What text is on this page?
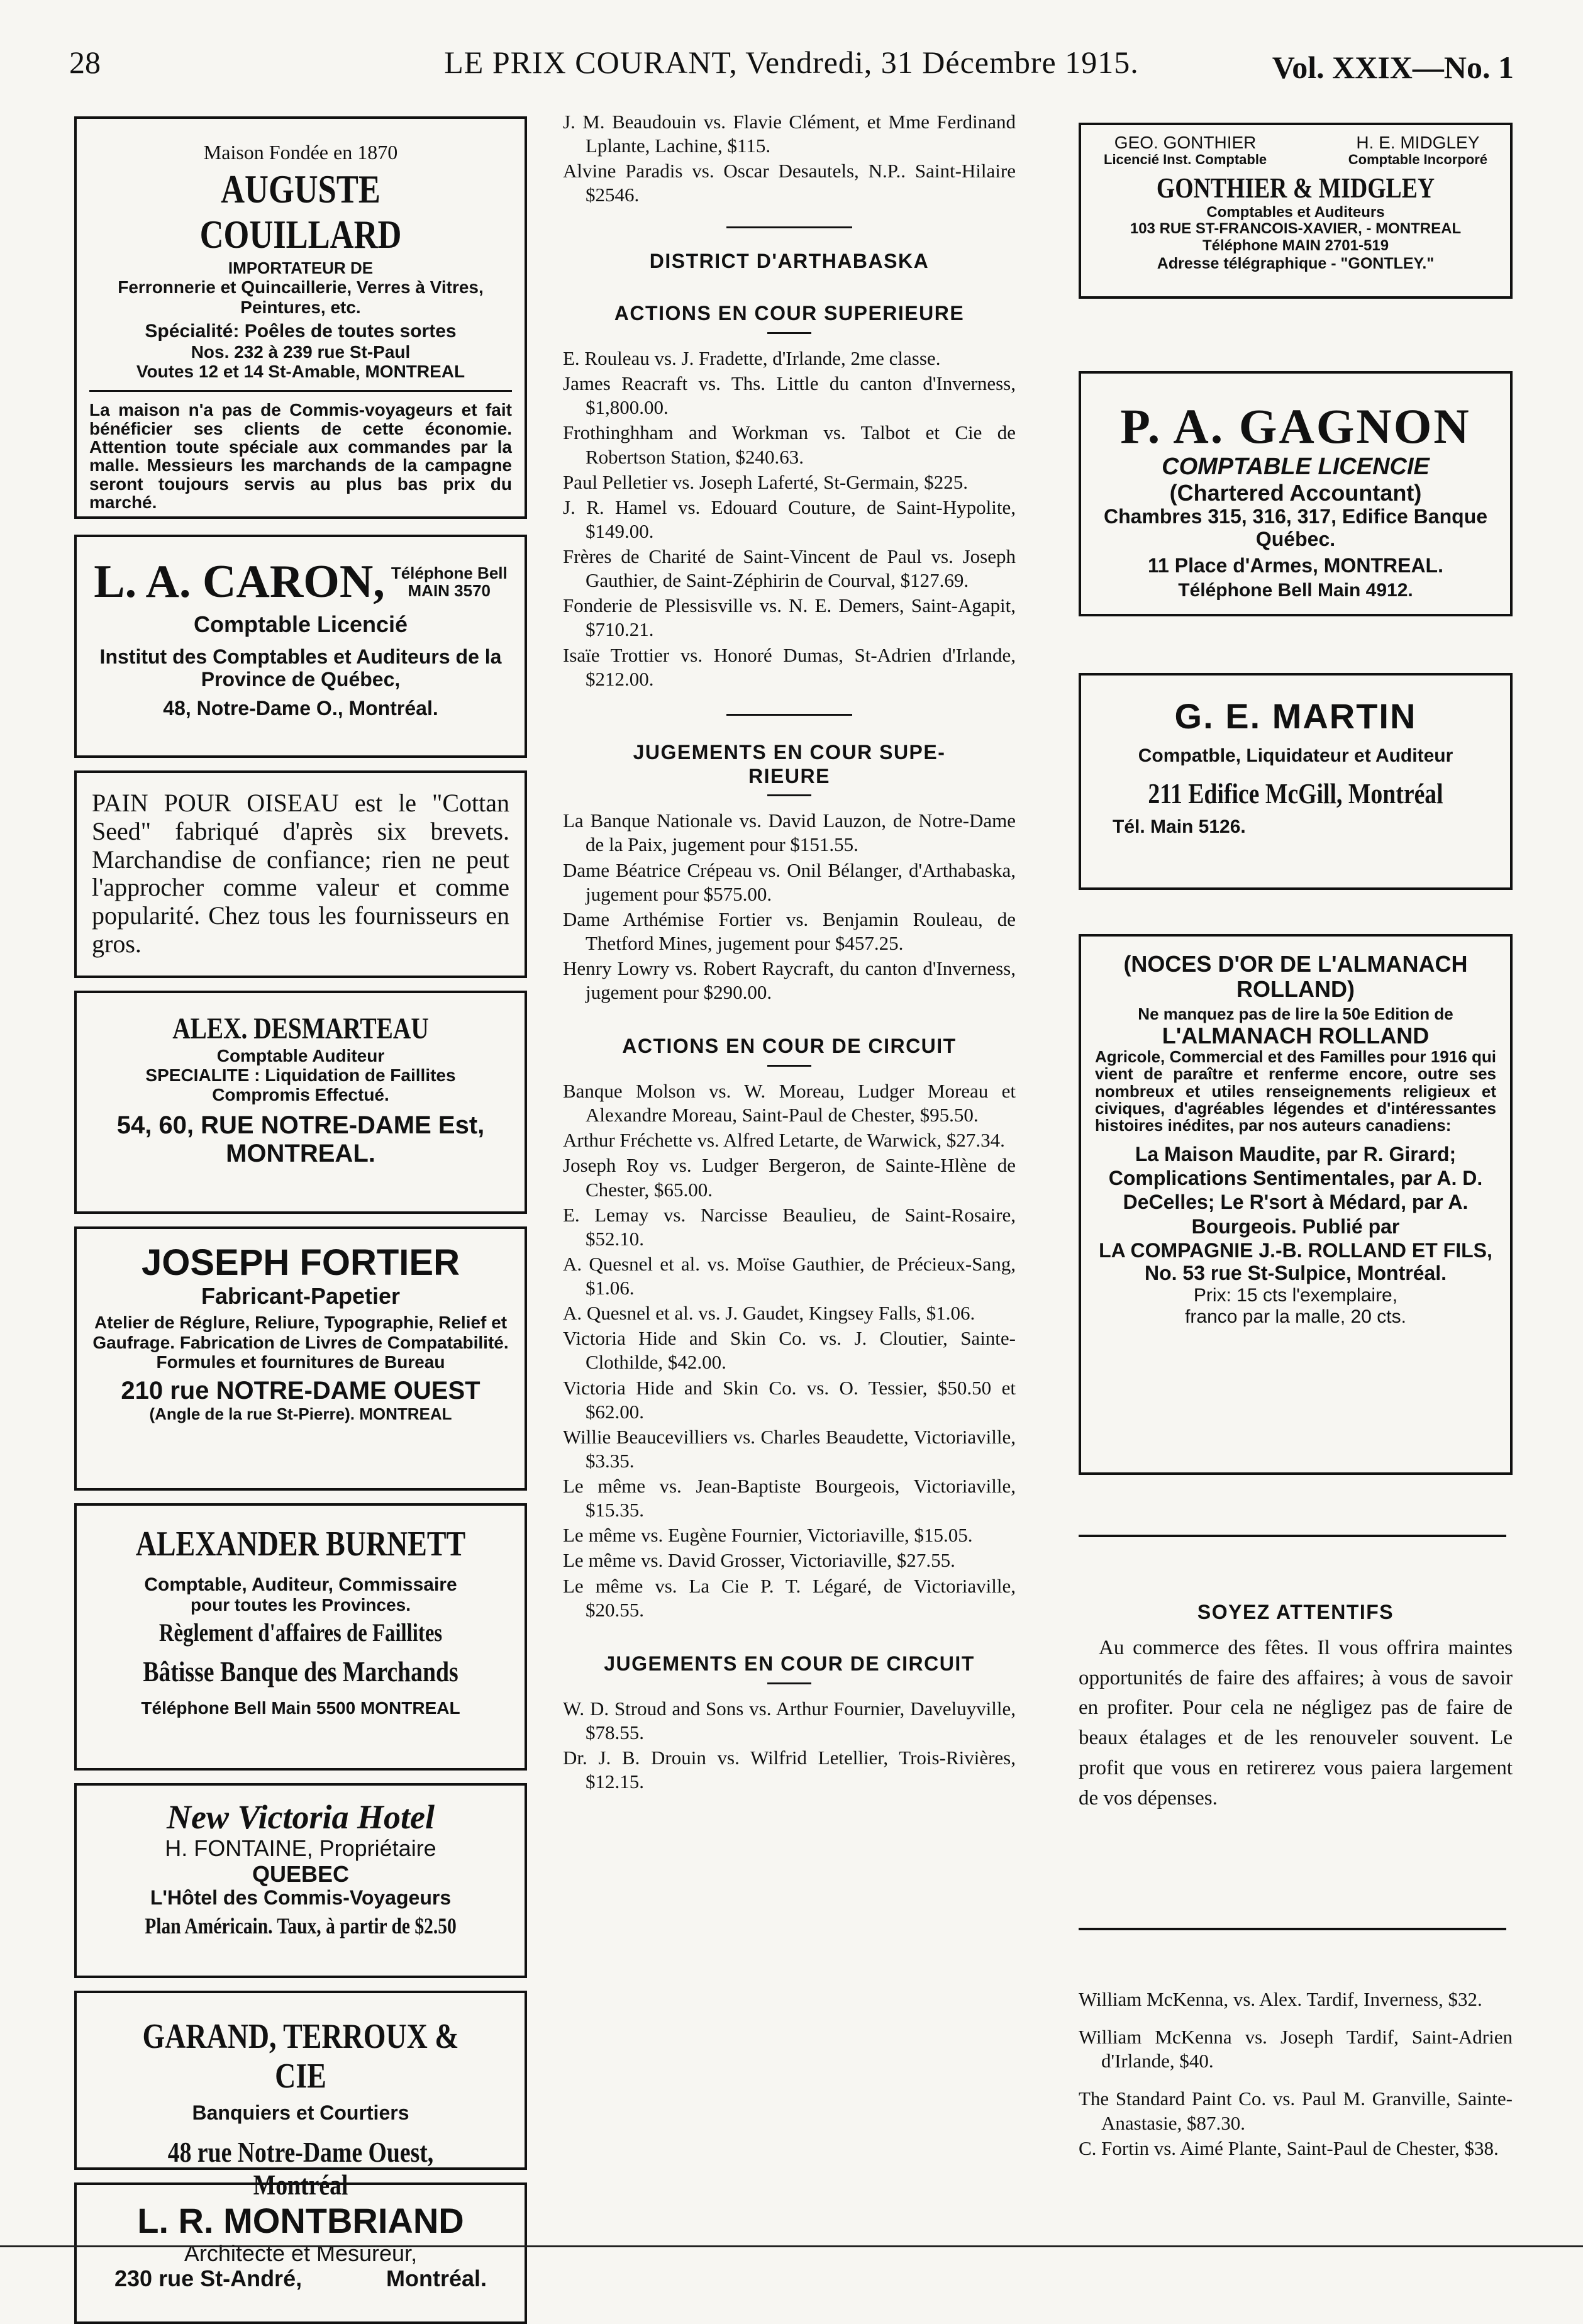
28	LE PRIX COURANT, Vendredi, 31 Décembre 1915.	Vol. XXIX—No. 1
Maison Fondée en 1870
AUGUSTE COUILLARD
IMPORTATEUR DE
Ferronnerie et Quincaillerie, Verres à Vitres, Peintures, etc.
Spécialité: Poêles de toutes sortes
Nos. 232 à 239 rue St-Paul
Voutes 12 et 14 St-Amable, MONTREAL
La maison n'a pas de Commis-voyageurs et fait bénéficier ses clients de cette économie. Attention toute spéciale aux commandes par la malle. Messieurs les marchands de la campagne seront toujours servis au plus bas prix du marché.
L. A. CARON, Téléphone Bell
MAIN 3570
Comptable Licencié
Institut des Comptables et Auditeurs de la Province de Québec,
48, Notre-Dame O., Montréal.
PAIN POUR OISEAU est le "Cottan Seed" fabriqué d'après six brevets. Marchandise de confiance; rien ne peut l'approcher comme valeur et comme popularité. Chez tous les fournisseurs en gros.
ALEX. DESMARTEAU
Comptable Auditeur
SPECIALITE : Liquidation de Faillites
Compromis Effectué.
54, 60, RUE NOTRE-DAME Est,
MONTREAL.
JOSEPH FORTIER
Fabricant-Papetier
Atelier de Réglure, Reliure, Typographie, Relief et Gaufrage. Fabrication de Livres de Compatabilité.
Formules et fournitures de Bureau
210 rue NOTRE-DAME OUEST
(Angle de la rue St-Pierre). MONTREAL
ALEXANDER BURNETT
Comptable, Auditeur, Commissaire
pour toutes les Provinces.
Règlement d'affaires de Faillites
Bâtisse Banque des Marchands
Téléphone Bell Main 5500 MONTREAL
New Victoria Hotel
H. FONTAINE, Propriétaire
QUEBEC
L'Hôtel des Commis-Voyageurs
Plan Américain. Taux, à partir de $2.50
GARAND, TERROUX & CIE
Banquiers et Courtiers
48 rue Notre-Dame Ouest, Montréal
L. R. MONTBRIAND
Architecte et Mesureur,
230 rue St-André,	Montréal.

J. M. Beaudouin vs. Flavie Clément, et Mme Ferdinand Lplante, Lachine, $115.

Alvine Paradis vs. Oscar Desautels, N.P.. Saint-Hilaire $2546.

DISTRICT D'ARTHABASKA

ACTIONS EN COUR SUPERIEURE

E. Rouleau vs. J. Fradette, d'Irlande, 2me classe.

James Reacraft vs. Ths. Little du canton d'Inverness, $1,800.00.

Frothinghham and Workman vs. Talbot et Cie de Robertson Station, $240.63.

Paul Pelletier vs. Joseph Laferté, St-Germain, $225.

J. R. Hamel vs. Edouard Couture, de Saint-Hypolite, $149.00.

Frères de Charité de Saint-Vincent de Paul vs. Joseph Gauthier, de Saint-Zéphirin de Courval, $127.69.

Fonderie de Plessisville vs. N. E. Demers, Saint-Agapit, $710.21.

Isaïe Trottier vs. Honoré Dumas, St-Adrien d'Irlande, $212.00.

JUGEMENTS EN COUR SUPE- RIEURE

La Banque Nationale vs. David Lauzon, de Notre-Dame de la Paix, jugement pour $151.55.

Dame Béatrice Crépeau vs. Onil Bélanger, d'Arthabaska, jugement pour $575.00.

Dame Arthémise Fortier vs. Benjamin Rouleau, de Thetford Mines, jugement pour $457.25.

Henry Lowry vs. Robert Raycraft, du canton d'Inverness, jugement pour $290.00.

ACTIONS EN COUR DE CIRCUIT

Banque Molson vs. W. Moreau, Ludger Moreau et Alexandre Moreau, Saint-Paul de Chester, $95.50.

Arthur Fréchette vs. Alfred Letarte, de Warwick, $27.34.

Joseph Roy vs. Ludger Bergeron, de Sainte-Hlène de Chester, $65.00.

E. Lemay vs. Narcisse Beaulieu, de Saint-Rosaire, $52.10.

A. Quesnel et al. vs. Moïse Gauthier, de Précieux-Sang, $1.06.

A. Quesnel et al. vs. J. Gaudet, Kingsey Falls, $1.06.

Victoria Hide and Skin Co. vs. J. Cloutier, Sainte-Clothilde, $42.00.

Victoria Hide and Skin Co. vs. O. Tessier, $50.50 et $62.00.

Willie Beaucevilliers vs. Charles Beaudette, Victoriaville, $3.35.

Le même vs. Jean-Baptiste Bourgeois, Victoriaville, $15.35.

Le même vs. Eugène Fournier, Victoriaville, $15.05.

Le même vs. David Grosser, Victoriaville, $27.55.

Le même vs. La Cie P. T. Légaré, de Victoriaville, $20.55.

JUGEMENTS EN COUR DE CIRCUIT

W. D. Stroud and Sons vs. Arthur Fournier, Daveluyville, $78.55.

Dr. J. B. Drouin vs. Wilfrid Letellier, Trois-Rivières, $12.15.

GEO. GONTHIER
Licencié Inst. Comptable
H. E. MIDGLEY
Comptable Incorporé
GONTHIER & MIDGLEY
Comptables et Auditeurs
103 RUE ST-FRANCOIS-XAVIER, - MONTREAL
Téléphone MAIN 2701-519
Adresse télégraphique - "GONTLEY."
P. A. GAGNON
COMPTABLE LICENCIE
(Chartered Accountant)
Chambres 315, 316, 317, Edifice Banque Québec.
11 Place d'Armes, MONTREAL.
Téléphone Bell Main 4912.
G. E. MARTIN
Compatble, Liquidateur et Auditeur
211 Edifice McGill, Montréal
Tél. Main 5126.
(NOCES D'OR DE L'ALMANACH ROLLAND)
Ne manquez pas de lire la 50e Edition de
L'ALMANACH ROLLAND
Agricole, Commercial et des Familles pour 1916 qui vient de paraître et renferme encore, outre ses nombreux et utiles renseignements religieux et civiques, d'agréables légendes et d'intéressantes histoires inédites, par nos auteurs canadiens:
La Maison Maudite, par R. Girard; Complications Sentimentales, par A. D. DeCelles; Le R'sort à Médard, par A. Bourgeois. Publié par
LA COMPAGNIE J.-B. ROLLAND ET FILS,
No. 53 rue St-Sulpice, Montréal.
Prix: 15 cts l'exemplaire,
franco par la malle, 20 cts.

SOYEZ ATTENTIFS

Au commerce des fêtes. Il vous offrira maintes opportunités de faire des affaires; à vous de savoir en profiter. Pour cela ne négligez pas de faire de beaux étalages et de les renouveler souvent. Le profit que vous en retirerez vous paiera largement de vos dépenses.

William McKenna, vs. Alex. Tardif, Inverness, $32.

William McKenna vs. Joseph Tardif, Saint-Adrien d'Irlande, $40.

The Standard Paint Co. vs. Paul M. Granville, Sainte-Anastasie, $87.30.

C. Fortin vs. Aimé Plante, Saint-Paul de Chester, $38.
